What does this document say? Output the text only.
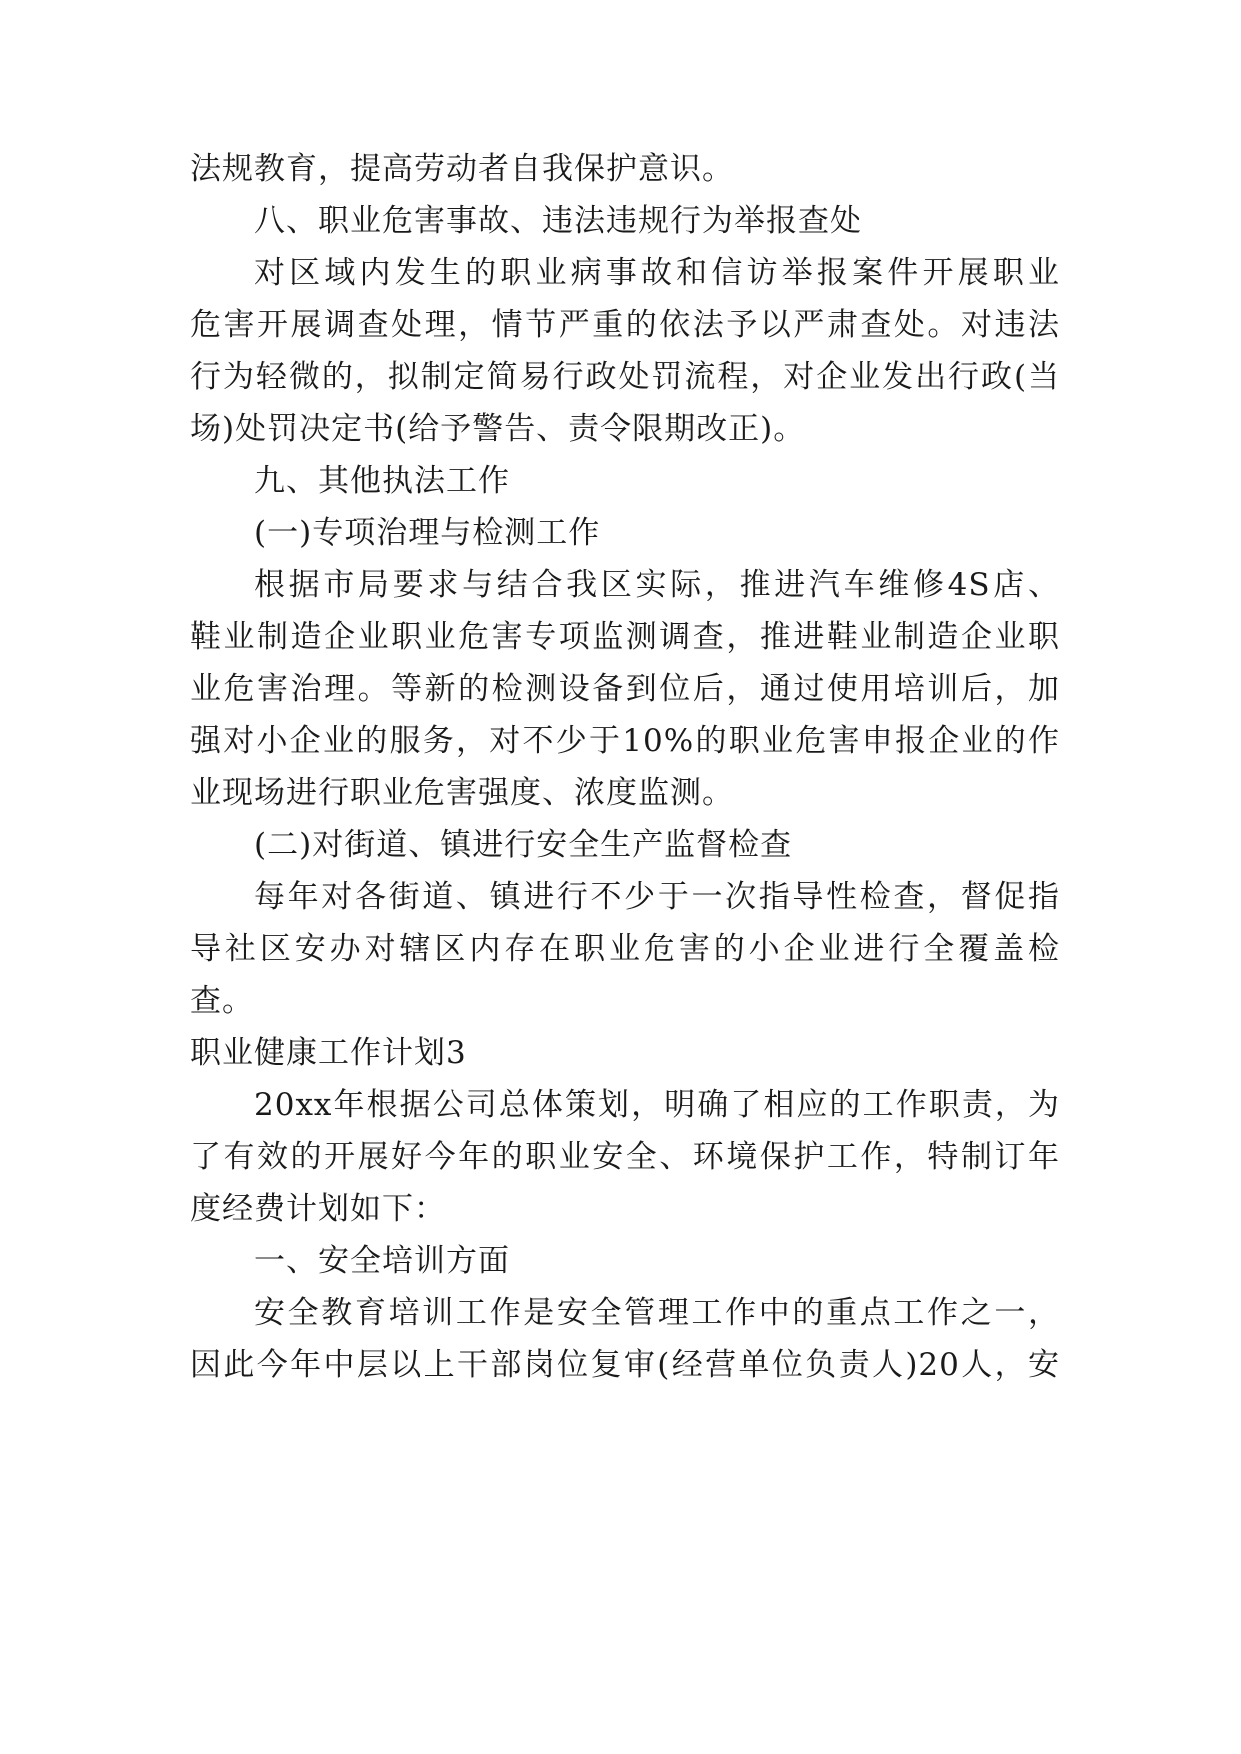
法规教育，提高劳动者自我保护意识。
八、职业危害事故、违法违规行为举报查处
对区域内发生的职业病事故和信访举报案件开展职业
危害开展调查处理，情节严重的依法予以严肃查处。对违法
行为轻微的，拟制定简易行政处罚流程，对企业发出行政(当
场)处罚决定书(给予警告、责令限期改正)。
九、其他执法工作
(一)专项治理与检测工作
根据市局要求与结合我区实际，推进汽车维修4S店、
鞋业制造企业职业危害专项监测调查，推进鞋业制造企业职
业危害治理。等新的检测设备到位后，通过使用培训后，加
强对小企业的服务，对不少于10%的职业危害申报企业的作
业现场进行职业危害强度、浓度监测。
(二)对街道、镇进行安全生产监督检查
每年对各街道、镇进行不少于一次指导性检查，督促指
导社区安办对辖区内存在职业危害的小企业进行全覆盖检
查。
职业健康工作计划3
20xx年根据公司总体策划，明确了相应的工作职责，为
了有效的开展好今年的职业安全、环境保护工作，特制订年
度经费计划如下：
一、安全培训方面
安全教育培训工作是安全管理工作中的重点工作之一，
因此今年中层以上干部岗位复审(经营单位负责人)20人，安
